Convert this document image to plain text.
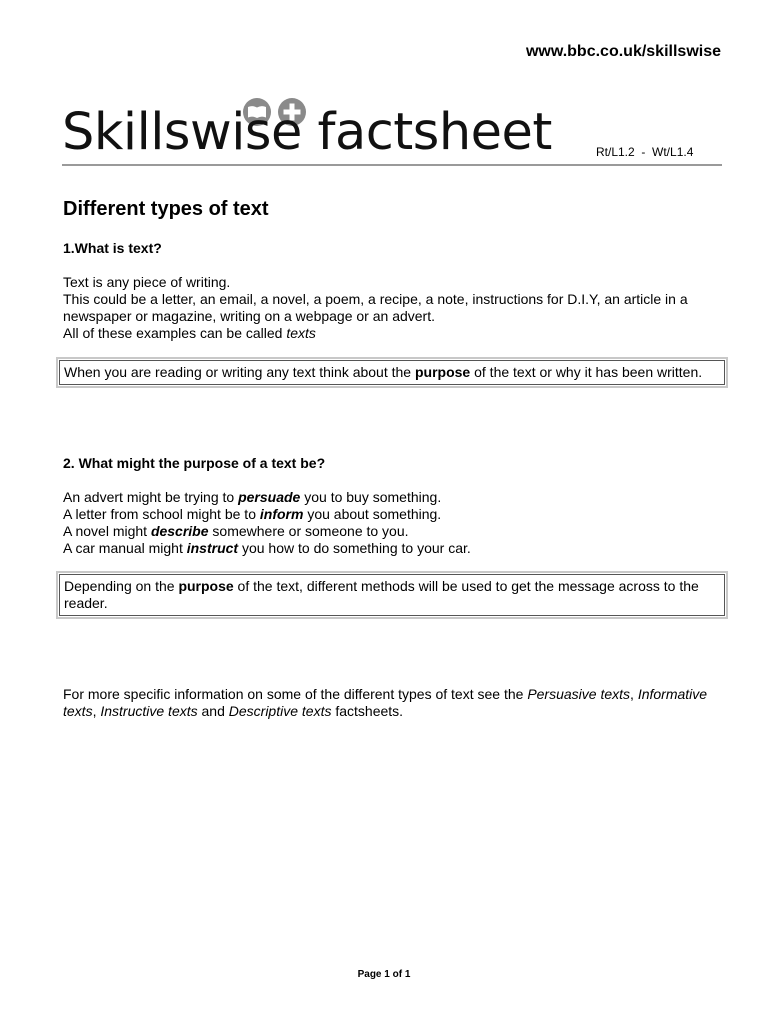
www.bbc.co.uk/skillswise
Skillswise factsheet	Rt/L1.2  -  Wt/L1.4
Different types of text
1.What is text?
Text is any piece of writing.
This could be a letter, an email, a novel, a poem, a recipe, a note, instructions for D.I.Y, an article in a newspaper or magazine, writing on a webpage or an advert.
All of these examples can be called texts
When you are reading or writing any text think about the purpose of the text or why it has been written.
2. What might the purpose of a text be?
An advert might be trying to persuade you to buy something.
A letter from school might be to inform you about something.
A novel might describe somewhere or someone to you.
A car manual might instruct you how to do something to your car.
Depending on the purpose of the text, different methods will be used to get the message across to the reader.

For more specific information on some of the different types of text see the Persuasive texts, Informative texts, Instructive texts and Descriptive texts factsheets.

Page 1 of 1
